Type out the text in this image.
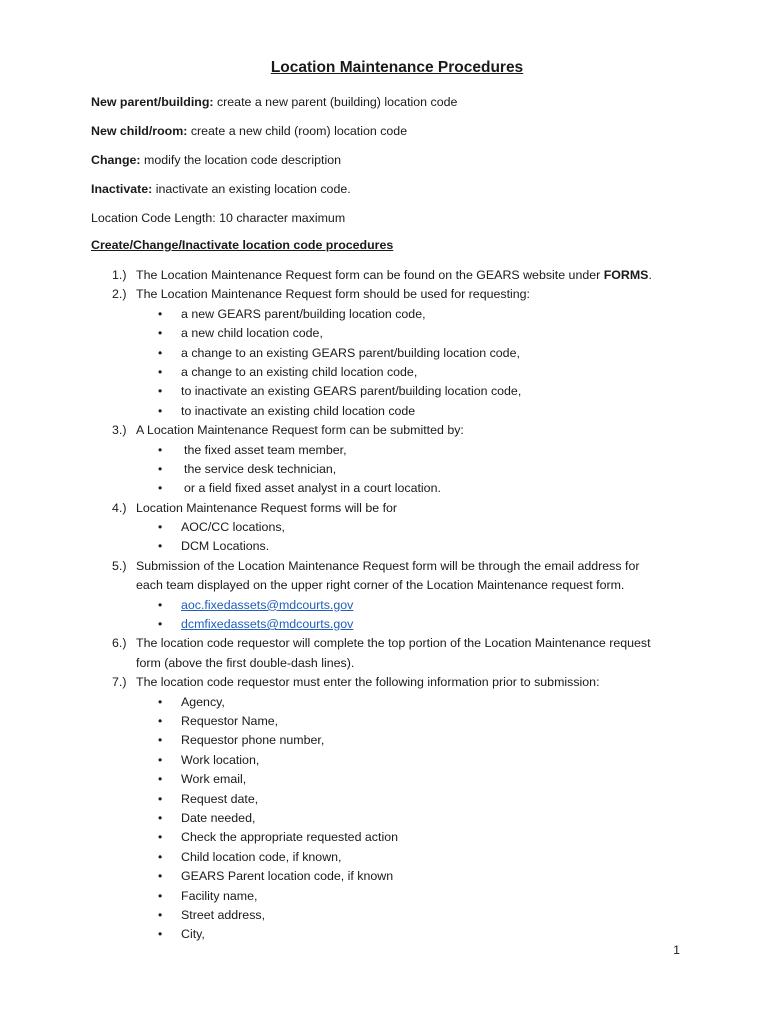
Location Maintenance Procedures
New parent/building: create a new parent (building) location code
New child/room: create a new child (room) location code
Change: modify the location code description
Inactivate: inactivate an existing location code.
Location Code Length: 10 character maximum
Create/Change/Inactivate location code procedures
1.) The Location Maintenance Request form can be found on the GEARS website under FORMS.
2.) The Location Maintenance Request form should be used for requesting:
• a new GEARS parent/building location code,
• a new child location code,
• a change to an existing GEARS parent/building location code,
• a change to an existing child location code,
• to inactivate an existing GEARS parent/building location code,
• to inactivate an existing child location code
3.) A Location Maintenance Request form can be submitted by:
• the fixed asset team member,
• the service desk technician,
• or a field fixed asset analyst in a court location.
4.) Location Maintenance Request forms will be for
• AOC/CC locations,
• DCM Locations.
5.) Submission of the Location Maintenance Request form will be through the email address for
each team displayed on the upper right corner of the Location Maintenance request form.
• aoc.fixedassets@mdcourts.gov
• dcmfixedassets@mdcourts.gov
6.) The location code requestor will complete the top portion of the Location Maintenance request
form (above the first double-dash lines).
7.) The location code requestor must enter the following information prior to submission:
• Agency,
• Requestor Name,
• Requestor phone number,
• Work location,
• Work email,
• Request date,
• Date needed,
• Check the appropriate requested action
• Child location code, if known,
• GEARS Parent location code, if known
• Facility name,
• Street address,
• City,
1
